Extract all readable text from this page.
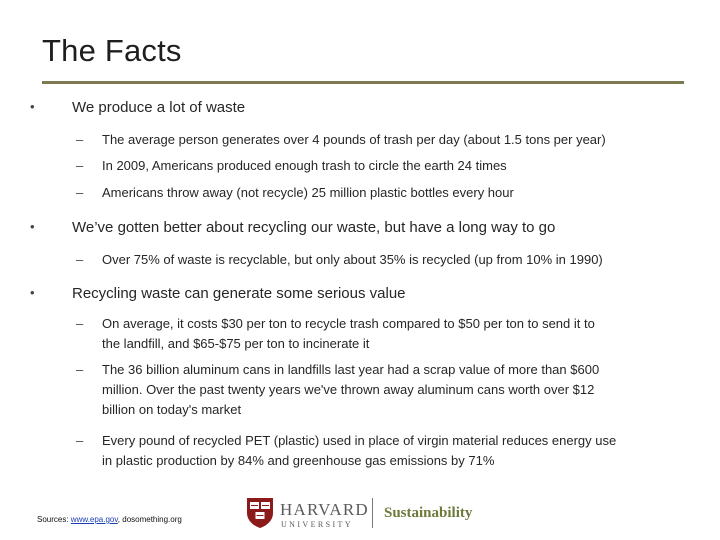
The Facts
• We produce a lot of waste
– The average person generates over 4 pounds of trash per day (about 1.5 tons per year)
– In 2009, Americans produced enough trash to circle the earth 24 times
– Americans throw away (not recycle) 25 million plastic bottles every hour
• We’ve gotten better about recycling our waste, but have a long way to go
– Over 75% of waste is recyclable, but only about 35% is recycled (up from 10% in 1990)
• Recycling waste can generate some serious value
– On average, it costs $30 per ton to recycle trash compared to $50 per ton to send it to
the landfill, and $65-$75 per ton to incinerate it
– The 36 billion aluminum cans in landfills last year had a scrap value of more than $600
million. Over the past twenty years we've thrown away aluminum cans worth over $12
billion on today's market
– Every pound of recycled PET (plastic) used in place of virgin material reduces energy use
in plastic production by 84% and greenhouse gas emissions by 71%
Sources: www.epa.gov, dosomething.org
HARVARD
UNIVERSITY
Sustainability
